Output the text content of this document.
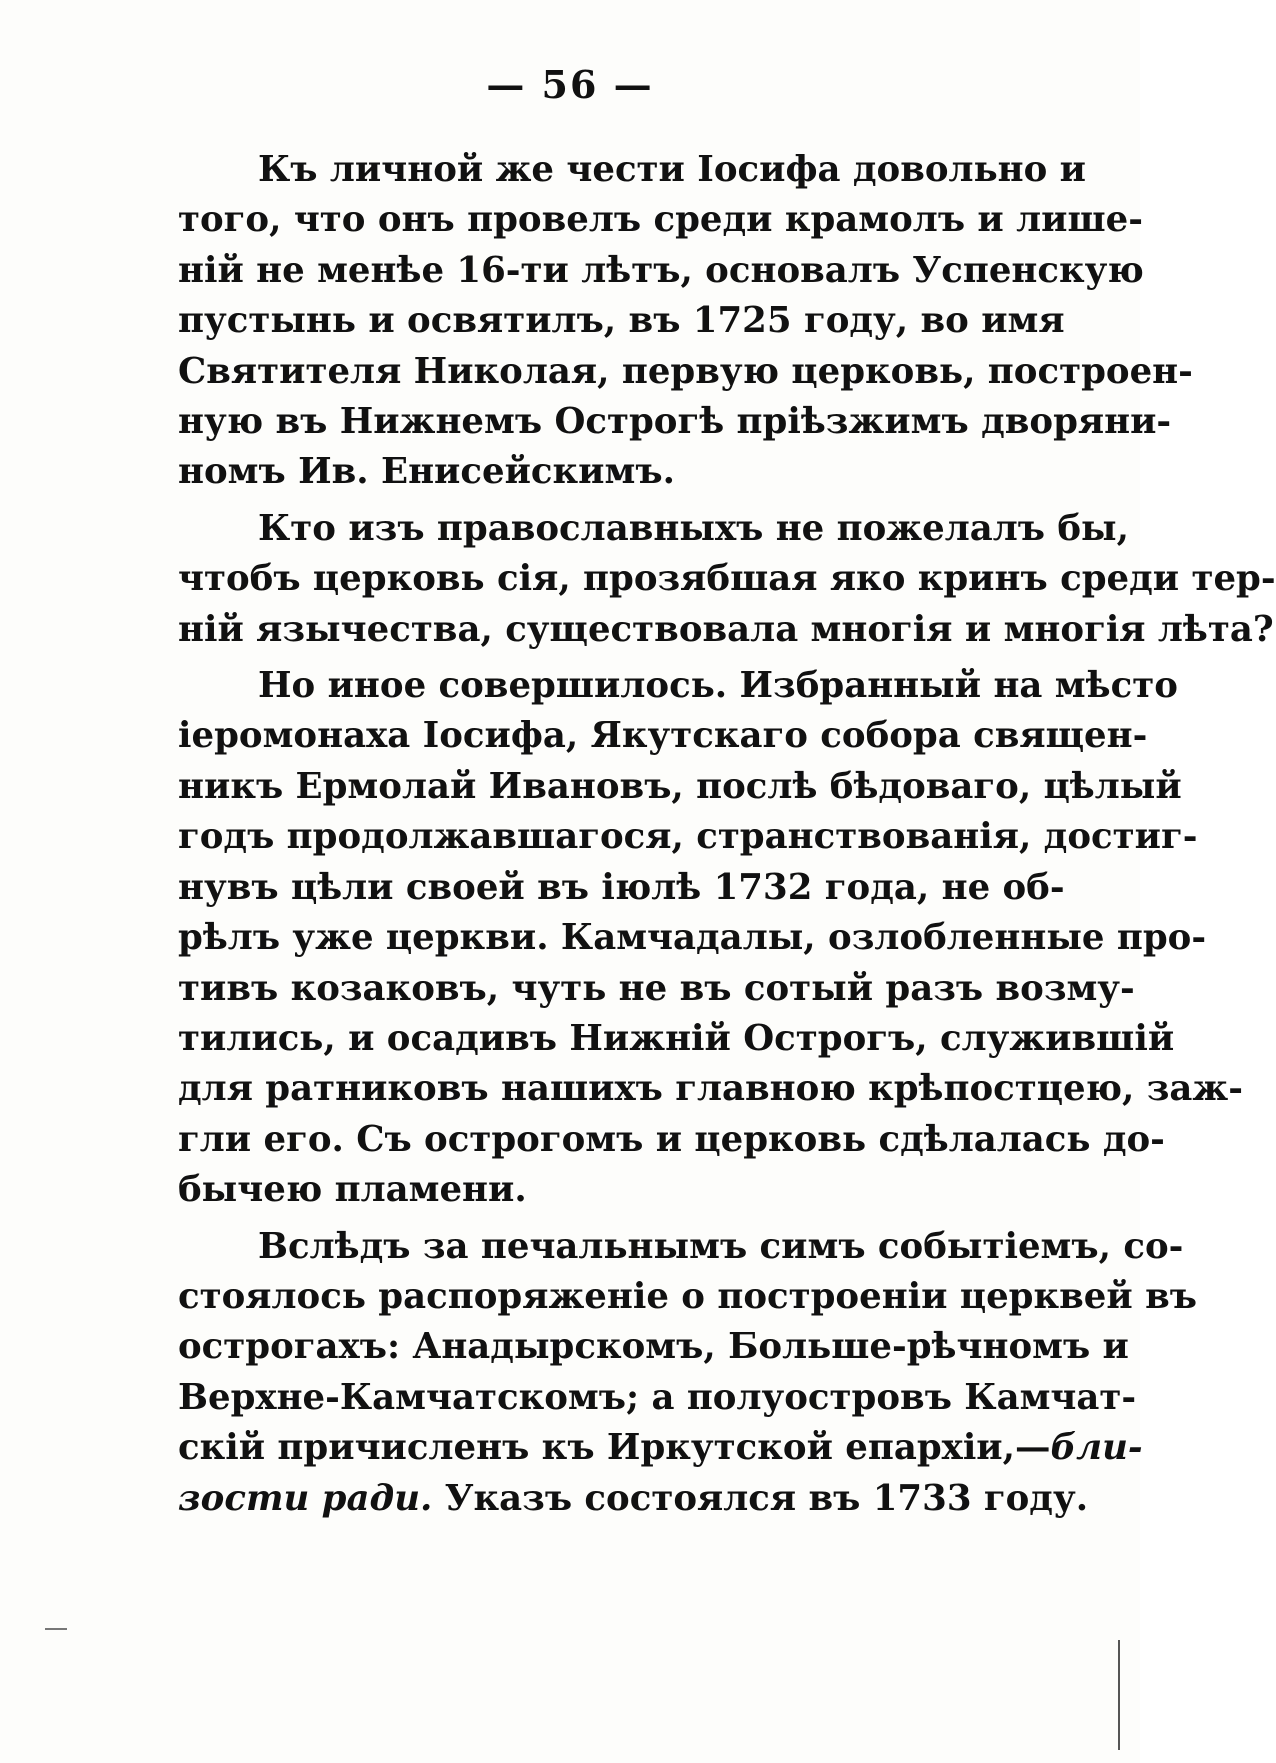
— 56 —
Къ личной же чести Іосифа довольно и
того, что онъ провелъ среди крамолъ и лише-
ній не менѣе 16-ти лѣтъ, основалъ Успенскую
пустынь и освятилъ, въ 1725 году, во имя
Святителя Николая, первую церковь, построен-
ную въ Нижнемъ Острогѣ пріѣзжимъ дворяни-
номъ Ив. Енисейскимъ.
Кто изъ православныхъ не пожелалъ бы,
чтобъ церковь сія, прозябшая яко кринъ среди тер-
ній язычества, существовала многія и многія лѣта?
Но иное совершилось. Избранный на мѣсто
іеромонаха Іосифа, Якутскаго собора священ-
никъ Ермолай Ивановъ, послѣ бѣдоваго, цѣлый
годъ продолжавшагося, странствованія, достиг-
нувъ цѣли своей въ іюлѣ 1732 года, не об-
рѣлъ уже церкви. Камчадалы, озлобленные про-
тивъ козаковъ, чуть не въ сотый разъ возму-
тились, и осадивъ Нижній Острогъ, служившій
для ратниковъ нашихъ главною крѣпостцею, заж-
гли его. Съ острогомъ и церковь сдѣлалась до-
бычею пламени.
Вслѣдъ за печальнымъ симъ событіемъ, со-
стоялось распоряженіе о построеніи церквей въ
острогахъ: Анадырскомъ, Больше-рѣчномъ и
Верхне-Камчатскомъ; а полуостровъ Камчат-
скій причисленъ къ Иркутской епархіи,—бли-
зости ради. Указъ состоялся въ 1733 году.
